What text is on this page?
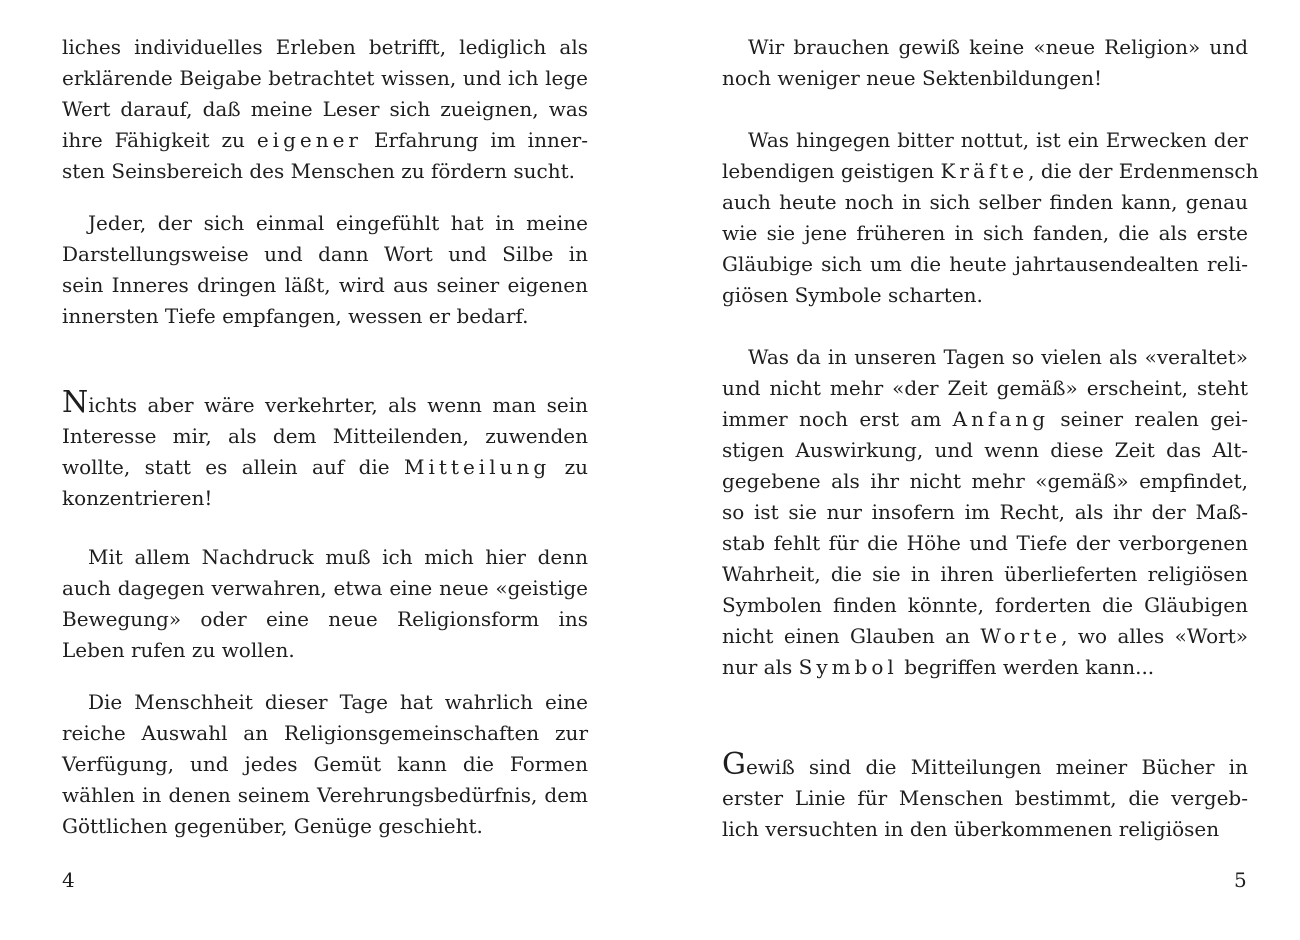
liches individuelles Erleben betrifft, lediglich als
erklärende Beigabe betrachtet wissen, und ich lege
Wert darauf, daß meine Leser sich zueignen, was
ihre Fähigkeit zu eigener Erfahrung im inner-
sten Seinsbereich des Menschen zu fördern sucht.
Jeder, der sich einmal eingefühlt hat in meine
Darstellungsweise und dann Wort und Silbe in
sein Inneres dringen läßt, wird aus seiner eigenen
innersten Tiefe empfangen, wessen er bedarf.
Nichts aber wäre verkehrter, als wenn man sein
Interesse mir, als dem Mitteilenden, zuwenden
wollte, statt es allein auf die Mitteilung zu
konzentrieren!
Mit allem Nachdruck muß ich mich hier denn
auch dagegen verwahren, etwa eine neue «geistige
Bewegung» oder eine neue Religionsform ins
Leben rufen zu wollen.
Die Menschheit dieser Tage hat wahrlich eine
reiche Auswahl an Religionsgemeinschaften zur
Verfügung, und jedes Gemüt kann die Formen
wählen in denen seinem Verehrungsbedürfnis, dem
Göttlichen gegenüber, Genüge geschieht.
4
Wir brauchen gewiß keine «neue Religion» und
noch weniger neue Sektenbildungen!
Was hingegen bitter nottut, ist ein Erwecken der
lebendigen geistigen Kräfte, die der Erdenmensch
auch heute noch in sich selber finden kann, genau
wie sie jene früheren in sich fanden, die als erste
Gläubige sich um die heute jahrtausendealten reli-
giösen Symbole scharten.
Was da in unseren Tagen so vielen als «veraltet»
und nicht mehr «der Zeit gemäß» erscheint, steht
immer noch erst am Anfang seiner realen gei-
stigen Auswirkung, und wenn diese Zeit das Alt-
gegebene als ihr nicht mehr «gemäß» empfindet,
so ist sie nur insofern im Recht, als ihr der Maß-
stab fehlt für die Höhe und Tiefe der verborgenen
Wahrheit, die sie in ihren überlieferten religiösen
Symbolen finden könnte, forderten die Gläubigen
nicht einen Glauben an Worte, wo alles «Wort»
nur als Symbol begriffen werden kann...
Gewiß sind die Mitteilungen meiner Bücher in
erster Linie für Menschen bestimmt, die vergeb-
lich versuchten in den überkommenen religiösen
5
